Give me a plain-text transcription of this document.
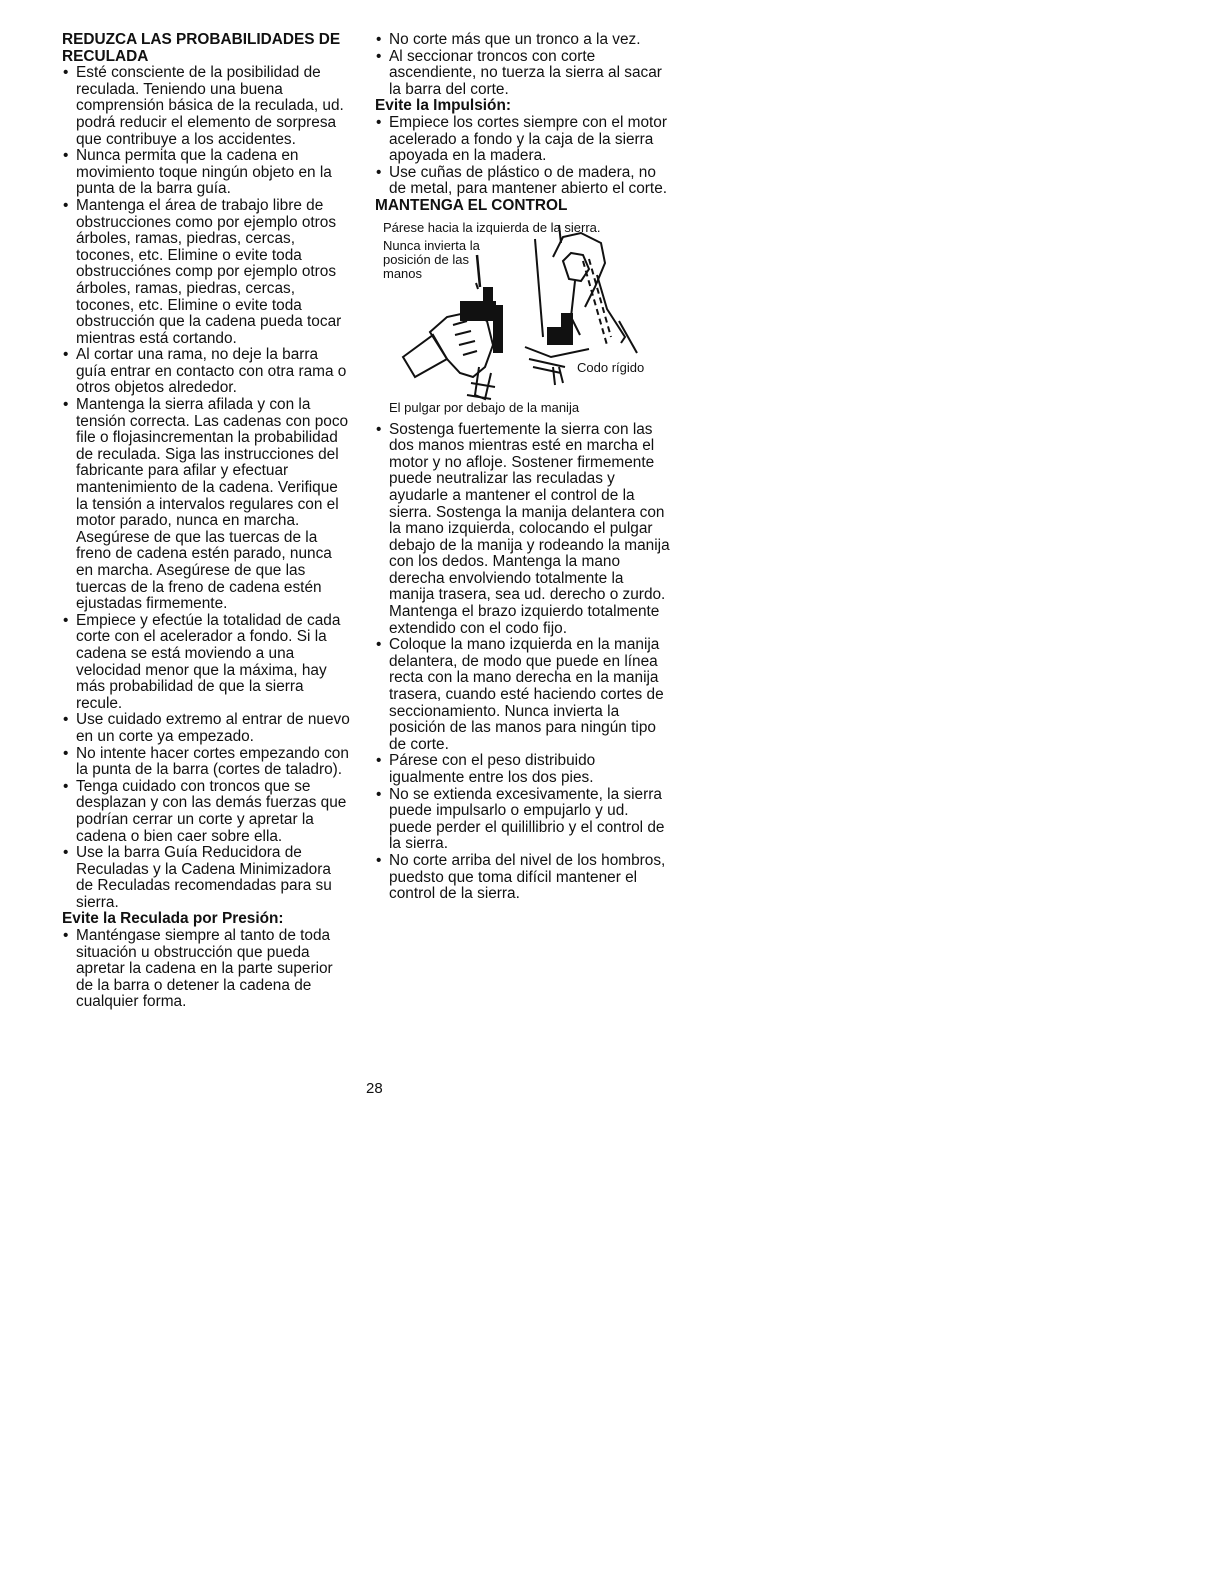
REDUZCA LAS PROBABILIDADES DE RECULADA

• Esté consciente de la posibilidad de reculada. Teniendo una buena comprensión básica de la reculada, ud. podrá reducir el elemento de sorpresa que contribuye a los accidentes.
• Nunca permita que la cadena en movimiento toque ningún objeto en la punta de la barra guía.
• Mantenga el área de trabajo libre de obstrucciones como por ejemplo otros árboles, ramas, piedras, cercas, tocones, etc. Elimine o evite toda obstrucciónes comp por ejemplo otros árboles, ramas, piedras, cercas, tocones, etc. Elimine o evite toda obstrucción que la cadena pueda tocar mientras está cortando.
• Al cortar una rama, no deje la barra guía entrar en contacto con otra rama o otros objetos alrededor.
• Mantenga la sierra afilada y con la tensión correcta. Las cadenas con poco file o flojasincrementan la probabilidad de reculada. Siga las instrucciones del fabricante para afilar y efectuar mantenimiento de la cadena. Verifique la tensión a intervalos regulares con el motor parado, nunca en marcha. Asegúrese de que las tuercas de la freno de cadena estén parado, nunca en marcha. Asegúrese de que las tuercas de la freno de cadena estén ejustadas firmemente.
• Empiece y efectúe la totalidad de cada corte con el acelerador a fondo. Si la cadena se está moviendo a una velocidad menor que la máxima, hay más probabilidad de que la sierra recule.
• Use cuidado extremo al entrar de nuevo en un corte ya empezado.
• No intente hacer cortes empezando con la punta de la barra (cortes de taladro).
• Tenga cuidado con troncos que se desplazan y con las demás fuerzas que podrían cerrar un corte y apretar la cadena o bien caer sobre ella.
• Use la barra Guía Reducidora de Reculadas y la Cadena Minimizadora de Reculadas recomendadas para su sierra.

Evite la Reculada por Presión:

• Manténgase siempre al tanto de toda situación u obstrucción que pueda apretar la cadena en la parte superior de la barra o detener la cadena de cualquier forma.
• No corte más que un tronco a la vez.
• Al seccionar troncos con corte ascendiente, no tuerza la sierra al sacar la barra del corte.

Evite la Impulsión:

• Empiece los cortes siempre con el motor acelerado a fondo y la caja de la sierra apoyada en la madera.
• Use cuñas de plástico o de madera, no de metal, para mantener abierto el corte.

MANTENGA EL CONTROL

Párese hacia la izquierda de la sierra.
Nunca invierta la posición de las manos
Codo rígido
El pulgar por debajo de la manija
• Sostenga fuertemente la sierra con las dos manos mientras esté en marcha el motor y no afloje. Sostener firmemente puede neutralizar las reculadas y ayudarle a mantener el control de la sierra. Sostenga la manija delantera con la mano izquierda, colocando el pulgar debajo de la manija y rodeando la manija con los dedos. Mantenga la mano derecha envolviendo totalmente la manija trasera, sea ud. derecho o zurdo. Mantenga el brazo izquierdo totalmente extendido con el codo fijo.
• Coloque la mano izquierda en la manija delantera, de modo que puede en línea recta con la mano derecha en la manija trasera, cuando esté haciendo cortes de seccionamiento. Nunca invierta la posición de las manos para ningún tipo de corte.
• Párese con el peso distribuido igualmente entre los dos pies.
• No se extienda excesivamente, la sierra puede impulsarlo o empujarlo y ud. puede perder el quilillibrio y el control de la sierra.
• No corte arriba del nivel de los hombros, puedsto que toma difícil mantener el control de la sierra.
28
